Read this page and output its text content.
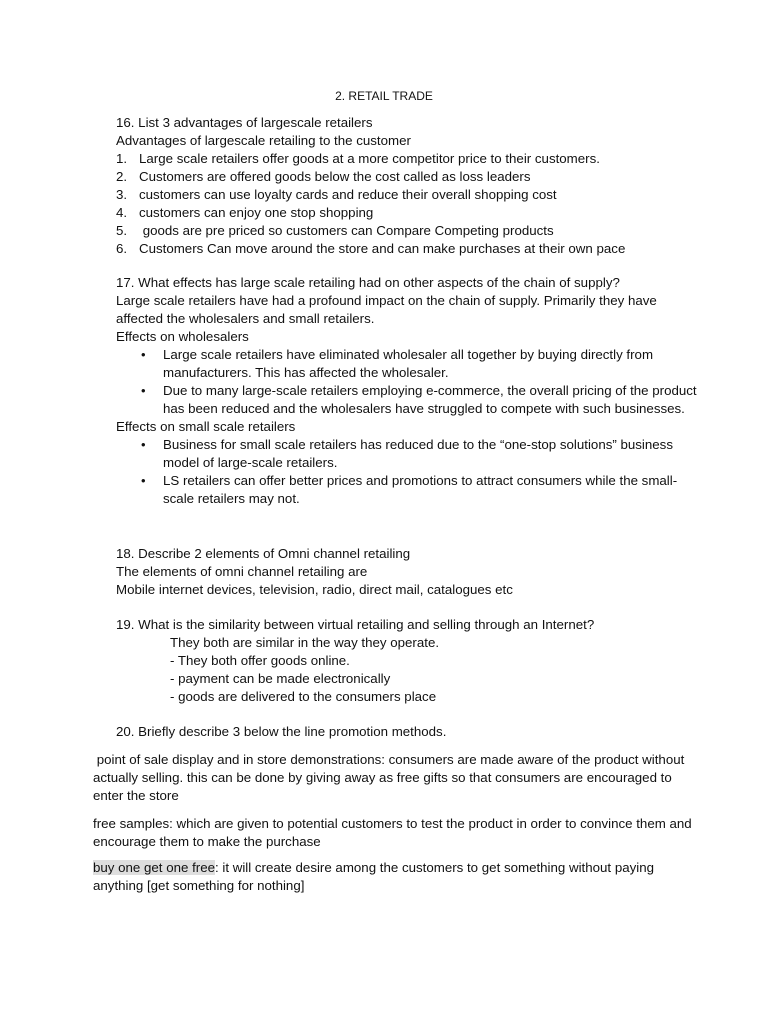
2. RETAIL TRADE

16. List 3 advantages of largescale retailers

Advantages of largescale retailing to the customer

1. Large scale retailers offer goods at a more competitor price to their customers.
2. Customers are offered goods below the cost called as loss leaders
3. customers can use loyalty cards and reduce their overall shopping cost
4. customers can enjoy one stop shopping
5. goods are pre priced so customers can Compare Competing products
6. Customers Can move around the store and can make purchases at their own pace

17. What effects has large scale retailing had on other aspects of the chain of supply?

Large scale retailers have had a profound impact on the chain of supply. Primarily they have affected the wholesalers and small retailers.

Effects on wholesalers

• Large scale retailers have eliminated wholesaler all together by buying directly from manufacturers. This has affected the wholesaler.
• Due to many large-scale retailers employing e-commerce, the overall pricing of the product has been reduced and the wholesalers have struggled to compete with such businesses.

Effects on small scale retailers

• Business for small scale retailers has reduced due to the “one-stop solutions” business model of large-scale retailers.
• LS retailers can offer better prices and promotions to attract consumers while the small-scale retailers may not.

18. Describe 2 elements of Omni channel retailing

The elements of omni channel retailing are

Mobile internet devices, television, radio, direct mail, catalogues etc

19. What is the similarity between virtual retailing and selling through an Internet?

They both are similar in the way they operate.

- They both offer goods online.

- payment can be made electronically

- goods are delivered to the consumers place

20. Briefly describe 3 below the line promotion methods.

point of sale display and in store demonstrations: consumers are made aware of the product without actually selling. this can be done by giving away as free gifts so that consumers are encouraged to enter the store

free samples: which are given to potential customers to test the product in order to convince them and encourage them to make the purchase

buy one get one free: it will create desire among the customers to get something without paying anything [get something for nothing]
